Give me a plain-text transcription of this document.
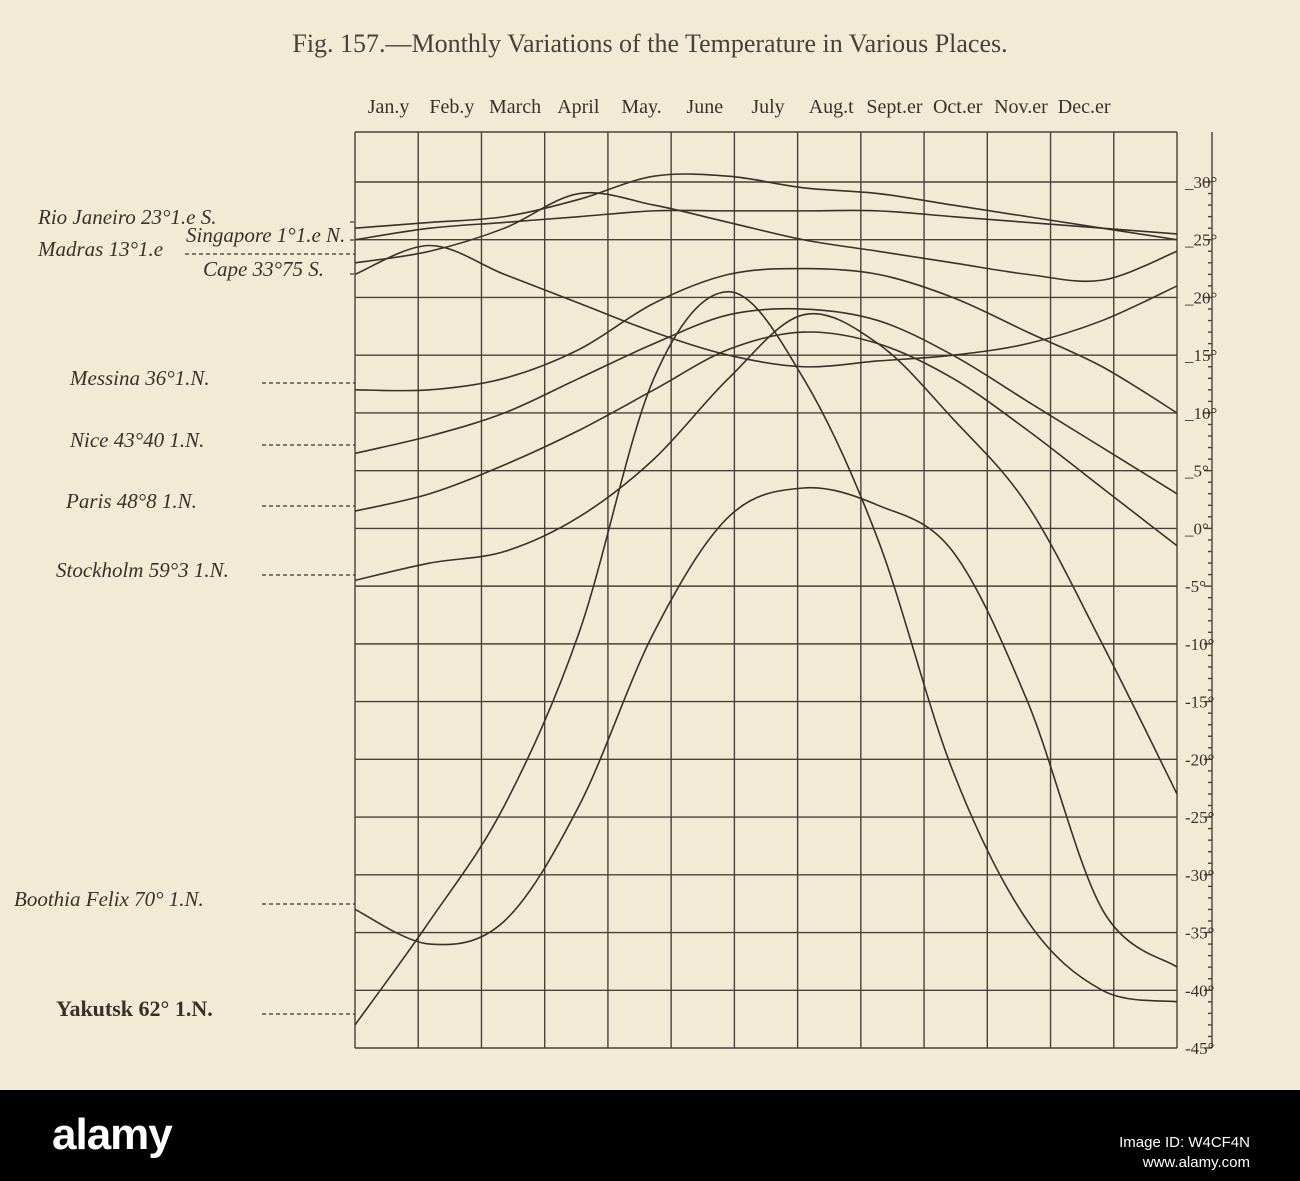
Fig. 157.—Monthly Variations of the Temperature in Various Places.
Jan.y Feb.y March April May. June July Aug.t Sept.er Oct.er Nov.er Dec.er
_30°
_25°
_20°
_15°
_10°
_5°
_0°
-5°
-10°
-15°
-20°
-25°
-30°
-35°
-40°
-45°
Rio Janeiro 23°1.e S.
Singapore 1°1.e N.
Madras 13°1.e
Cape 33°75 S.
Messina 36°1.N.
Nice 43°40 1.N.
Paris 48°8 1.N.
Stockholm 59°3 1.N.
Boothia Felix 70° 1.N.
Yakutsk 62° 1.N.
alamy	Image ID: W4CF4N
www.alamy.com
